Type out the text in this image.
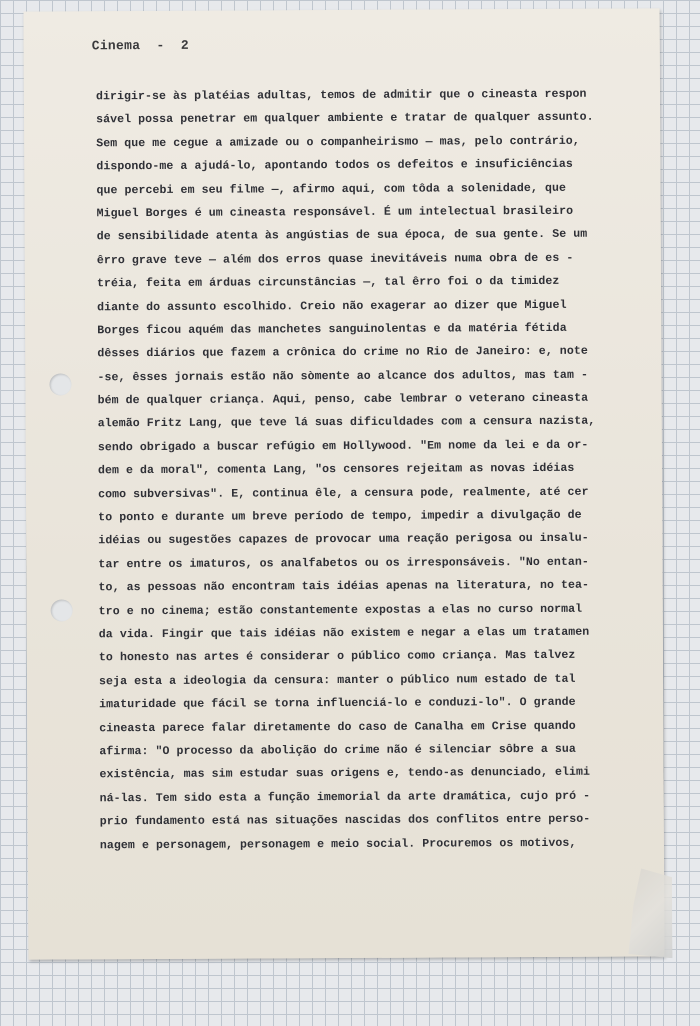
Cinema  -  2
dirigir-se às platéias adultas, temos de admitir que o cineasta respon
sável possa penetrar em qualquer ambiente e tratar de qualquer assunto.
Sem que me cegue a amizade ou o companheirismo — mas, pelo contrário,
dispondo-me a ajudá-lo, apontando todos os defeitos e insuficiências
que percebi em seu filme —, afirmo aqui, com tôda a solenidade, que
Miguel Borges é um cineasta responsável. É um intelectual brasileiro
de sensibilidade atenta às angústias de sua época, de sua gente. Se um
êrro grave teve — além dos erros quase inevitáveis numa obra de es -
tréia, feita em árduas circunstâncias —, tal êrro foi o da timidez
diante do assunto escolhido. Creio não exagerar ao dizer que Miguel
Borges ficou aquém das manchetes sanguinolentas e da matéria fétida
dêsses diários que fazem a crônica do crime no Rio de Janeiro: e, note
-se, êsses jornais estão não sòmente ao alcance dos adultos, mas tam -
bém de qualquer criança. Aqui, penso, cabe lembrar o veterano cineasta
alemão Fritz Lang, que teve lá suas dificuldades com a censura nazista,
sendo obrigado a buscar refúgio em Hollywood. "Em nome da lei e da or-
dem e da moral", comenta Lang, "os censores rejeitam as novas idéias
como subversivas". E, continua êle, a censura pode, realmente, até cer
to ponto e durante um breve período de tempo, impedir a divulgação de
idéias ou sugestões capazes de provocar uma reação perigosa ou insalu-
tar entre os imaturos, os analfabetos ou os irresponsáveis. "No entan-
to, as pessoas não encontram tais idéias apenas na literatura, no tea-
tro e no cinema; estão constantemente expostas a elas no curso normal
da vida. Fingir que tais idéias não existem e negar a elas um tratamen
to honesto nas artes é considerar o público como criança. Mas talvez
seja esta a ideologia da censura: manter o público num estado de tal
imaturidade que fácil se torna influenciá-lo e conduzi-lo". O grande
cineasta parece falar diretamente do caso de Canalha em Crise quando
afirma: "O processo da abolição do crime não é silenciar sôbre a sua
existência, mas sim estudar suas origens e, tendo-as denunciado, elimi
ná-las. Tem sido esta a função imemorial da arte dramática, cujo pró -
prio fundamento está nas situações nascidas dos conflitos entre perso-
nagem e personagem, personagem e meio social. Procuremos os motivos,
